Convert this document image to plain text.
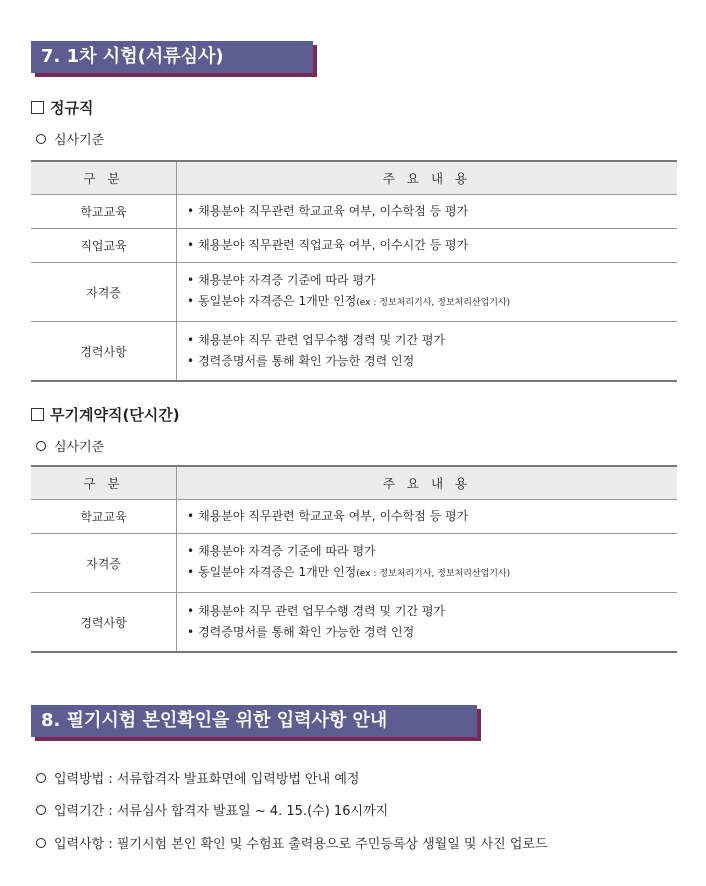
7. 1차 시험(서류심사)
정규직
심사기준
구 분	주 요 내 용
학교교육	• 채용분야 직무관련 학교교육 여부, 이수학점 등 평가

직업교육	• 채용분야 직무관련 직업교육 여부, 이수시간 등 평가

자격증	• 채용분야 자격증 기준에 따라 평가
• 동일분야 자격증은 1개만 인정(ex : 정보처리기사, 정보처리산업기사)

경력사항	• 채용분야 직무 관련 업무수행 경력 및 기간 평가
• 경력증명서를 통해 확인 가능한 경력 인정
무기계약직(단시간)
심사기준
구 분	주 요 내 용
학교교육	• 채용분야 직무관련 학교교육 여부, 이수학점 등 평가

자격증	• 채용분야 자격증 기준에 따라 평가
• 동일분야 자격증은 1개만 인정(ex : 정보처리기사, 정보처리산업기사)

경력사항	• 채용분야 직무 관련 업무수행 경력 및 기간 평가
• 경력증명서를 통해 확인 가능한 경력 인정
8. 필기시험 본인확인을 위한 입력사항 안내
입력방법 : 서류합격자 발표화면에 입력방법 안내 예정
입력기간 : 서류심사 합격자 발표일 ~ 4. 15.(수) 16시까지
입력사항 : 필기시험 본인 확인 및 수험표 출력용으로 주민등록상 생월일 및 사진 업로드
